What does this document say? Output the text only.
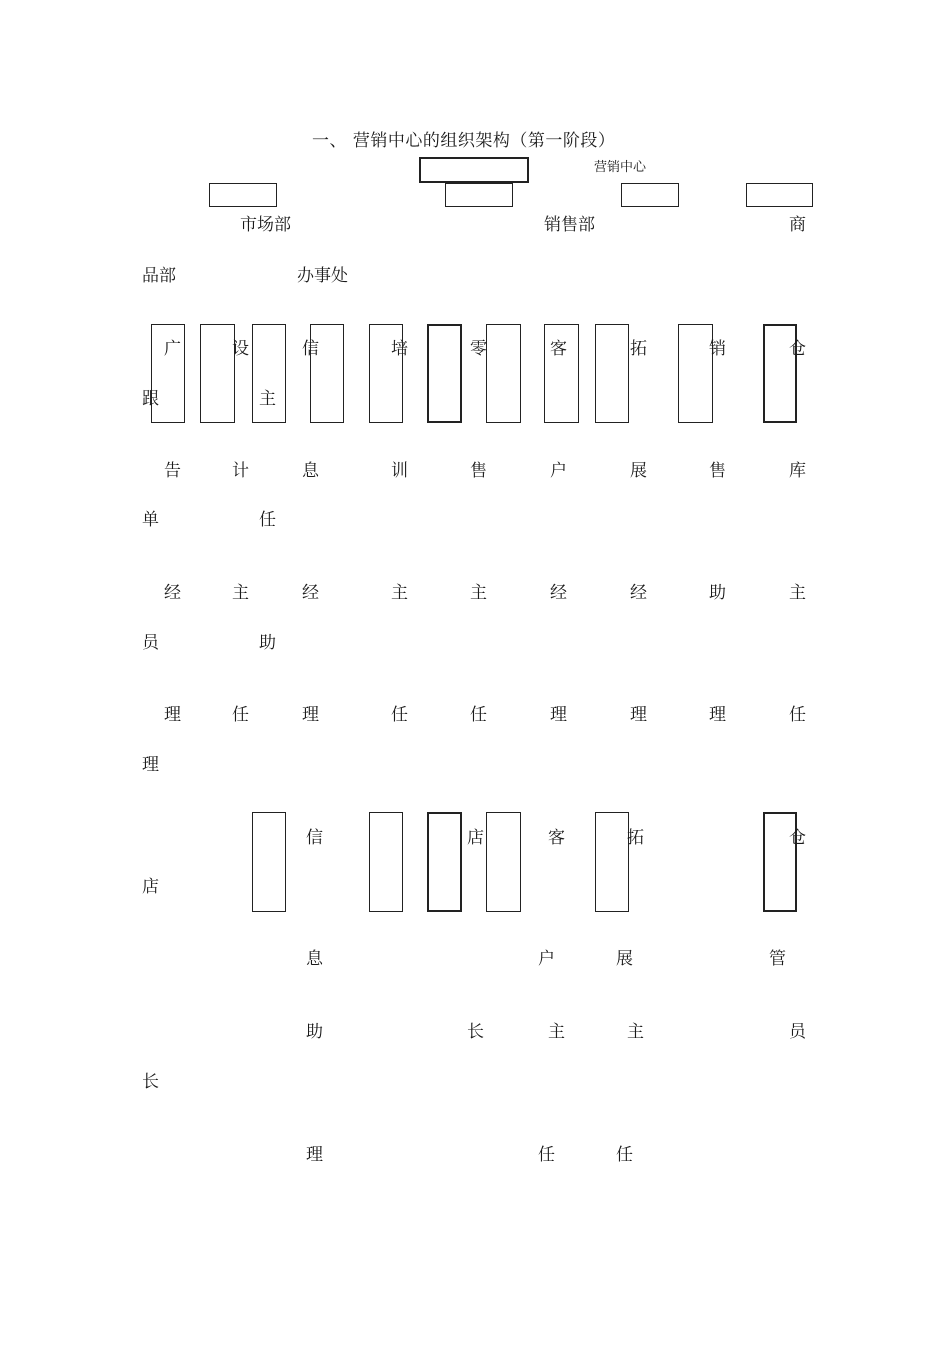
一、 营销中心的组织架构（第一阶段）
营销中心
市场部	销售部	商
品部	办事处
广	设	信	培	零	客	拓	销	仓
跟	主
告	计	息	训	售	户	展	售	库
单	任
经	主	经	主	主	经	经	助	主
员	助
理	任	理	任	任	理	理	理	任
理
信	店	客	拓	仓
店
息	户	展	管
助	长	主	主	员
长
理	任	任
